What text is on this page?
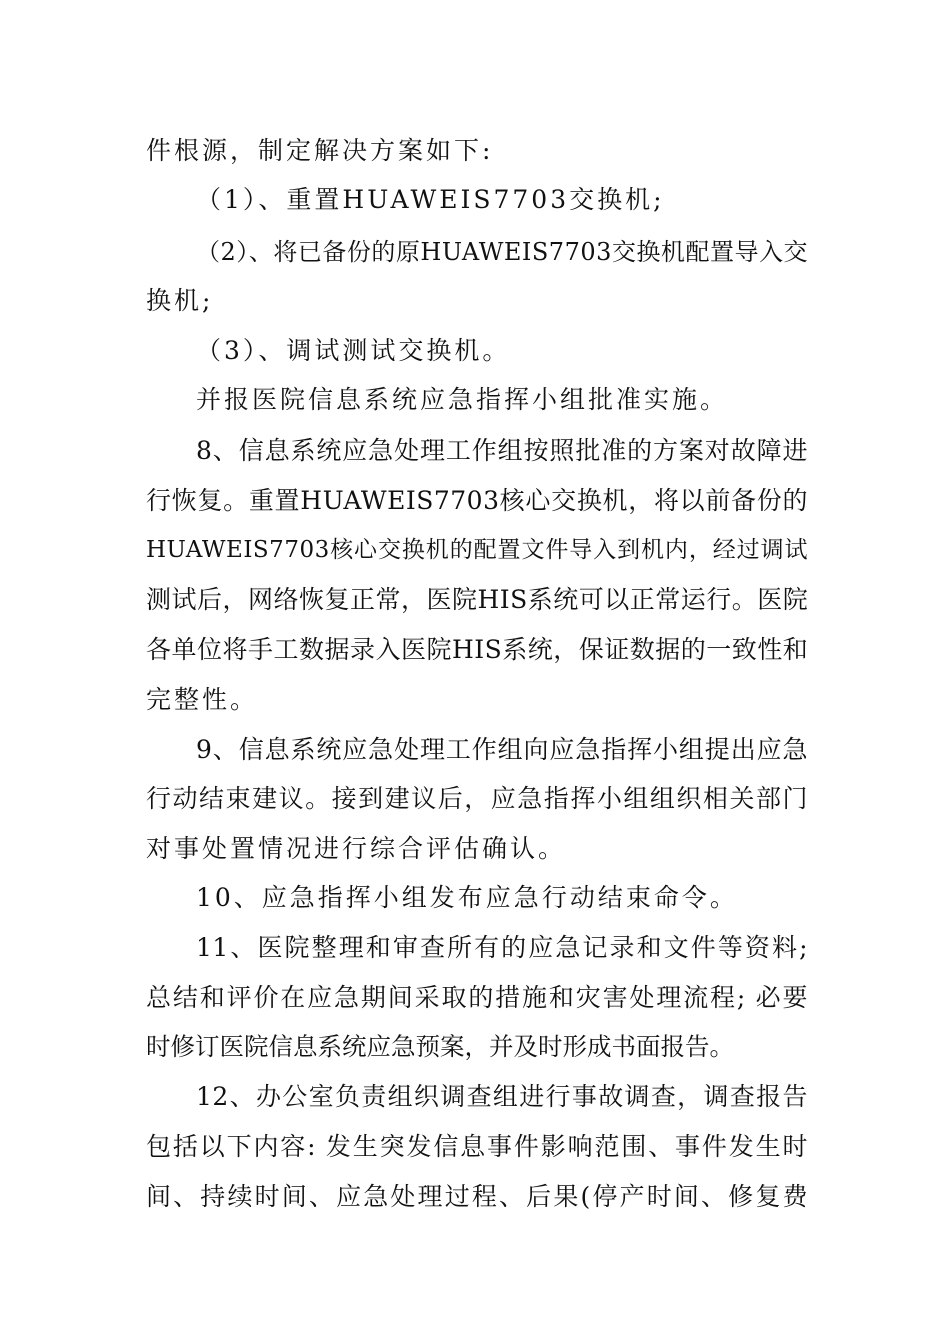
件根源，制定解决方案如下:
（1）、重置HUAWEIS7703交换机;
（2）、将已备份的原HUAWEIS7703交换机配置导入交
换机;
（3）、调试测试交换机。
并报医院信息系统应急指挥小组批准实施。
8、信息系统应急处理工作组按照批准的方案对故障进
行恢复。重置HUAWEIS7703核心交换机，将以前备份的
HUAWEIS7703核心交换机的配置文件导入到机内，经过调试
测试后，网络恢复正常，医院HIS系统可以正常运行。医院
各单位将手工数据录入医院HIS系统，保证数据的一致性和
完整性。
9、信息系统应急处理工作组向应急指挥小组提出应急
行动结束建议。接到建议后，应急指挥小组组织相关部门
对事处置情况进行综合评估确认。
10、应急指挥小组发布应急行动结束命令。
11、医院整理和审查所有的应急记录和文件等资料;
总结和评价在应急期间采取的措施和灾害处理流程; 必要
时修订医院信息系统应急预案，并及时形成书面报告。
12、办公室负责组织调查组进行事故调查，调查报告
包括以下内容: 发生突发信息事件影响范围、事件发生时
间、持续时间、应急处理过程、后果(停产时间、修复费
